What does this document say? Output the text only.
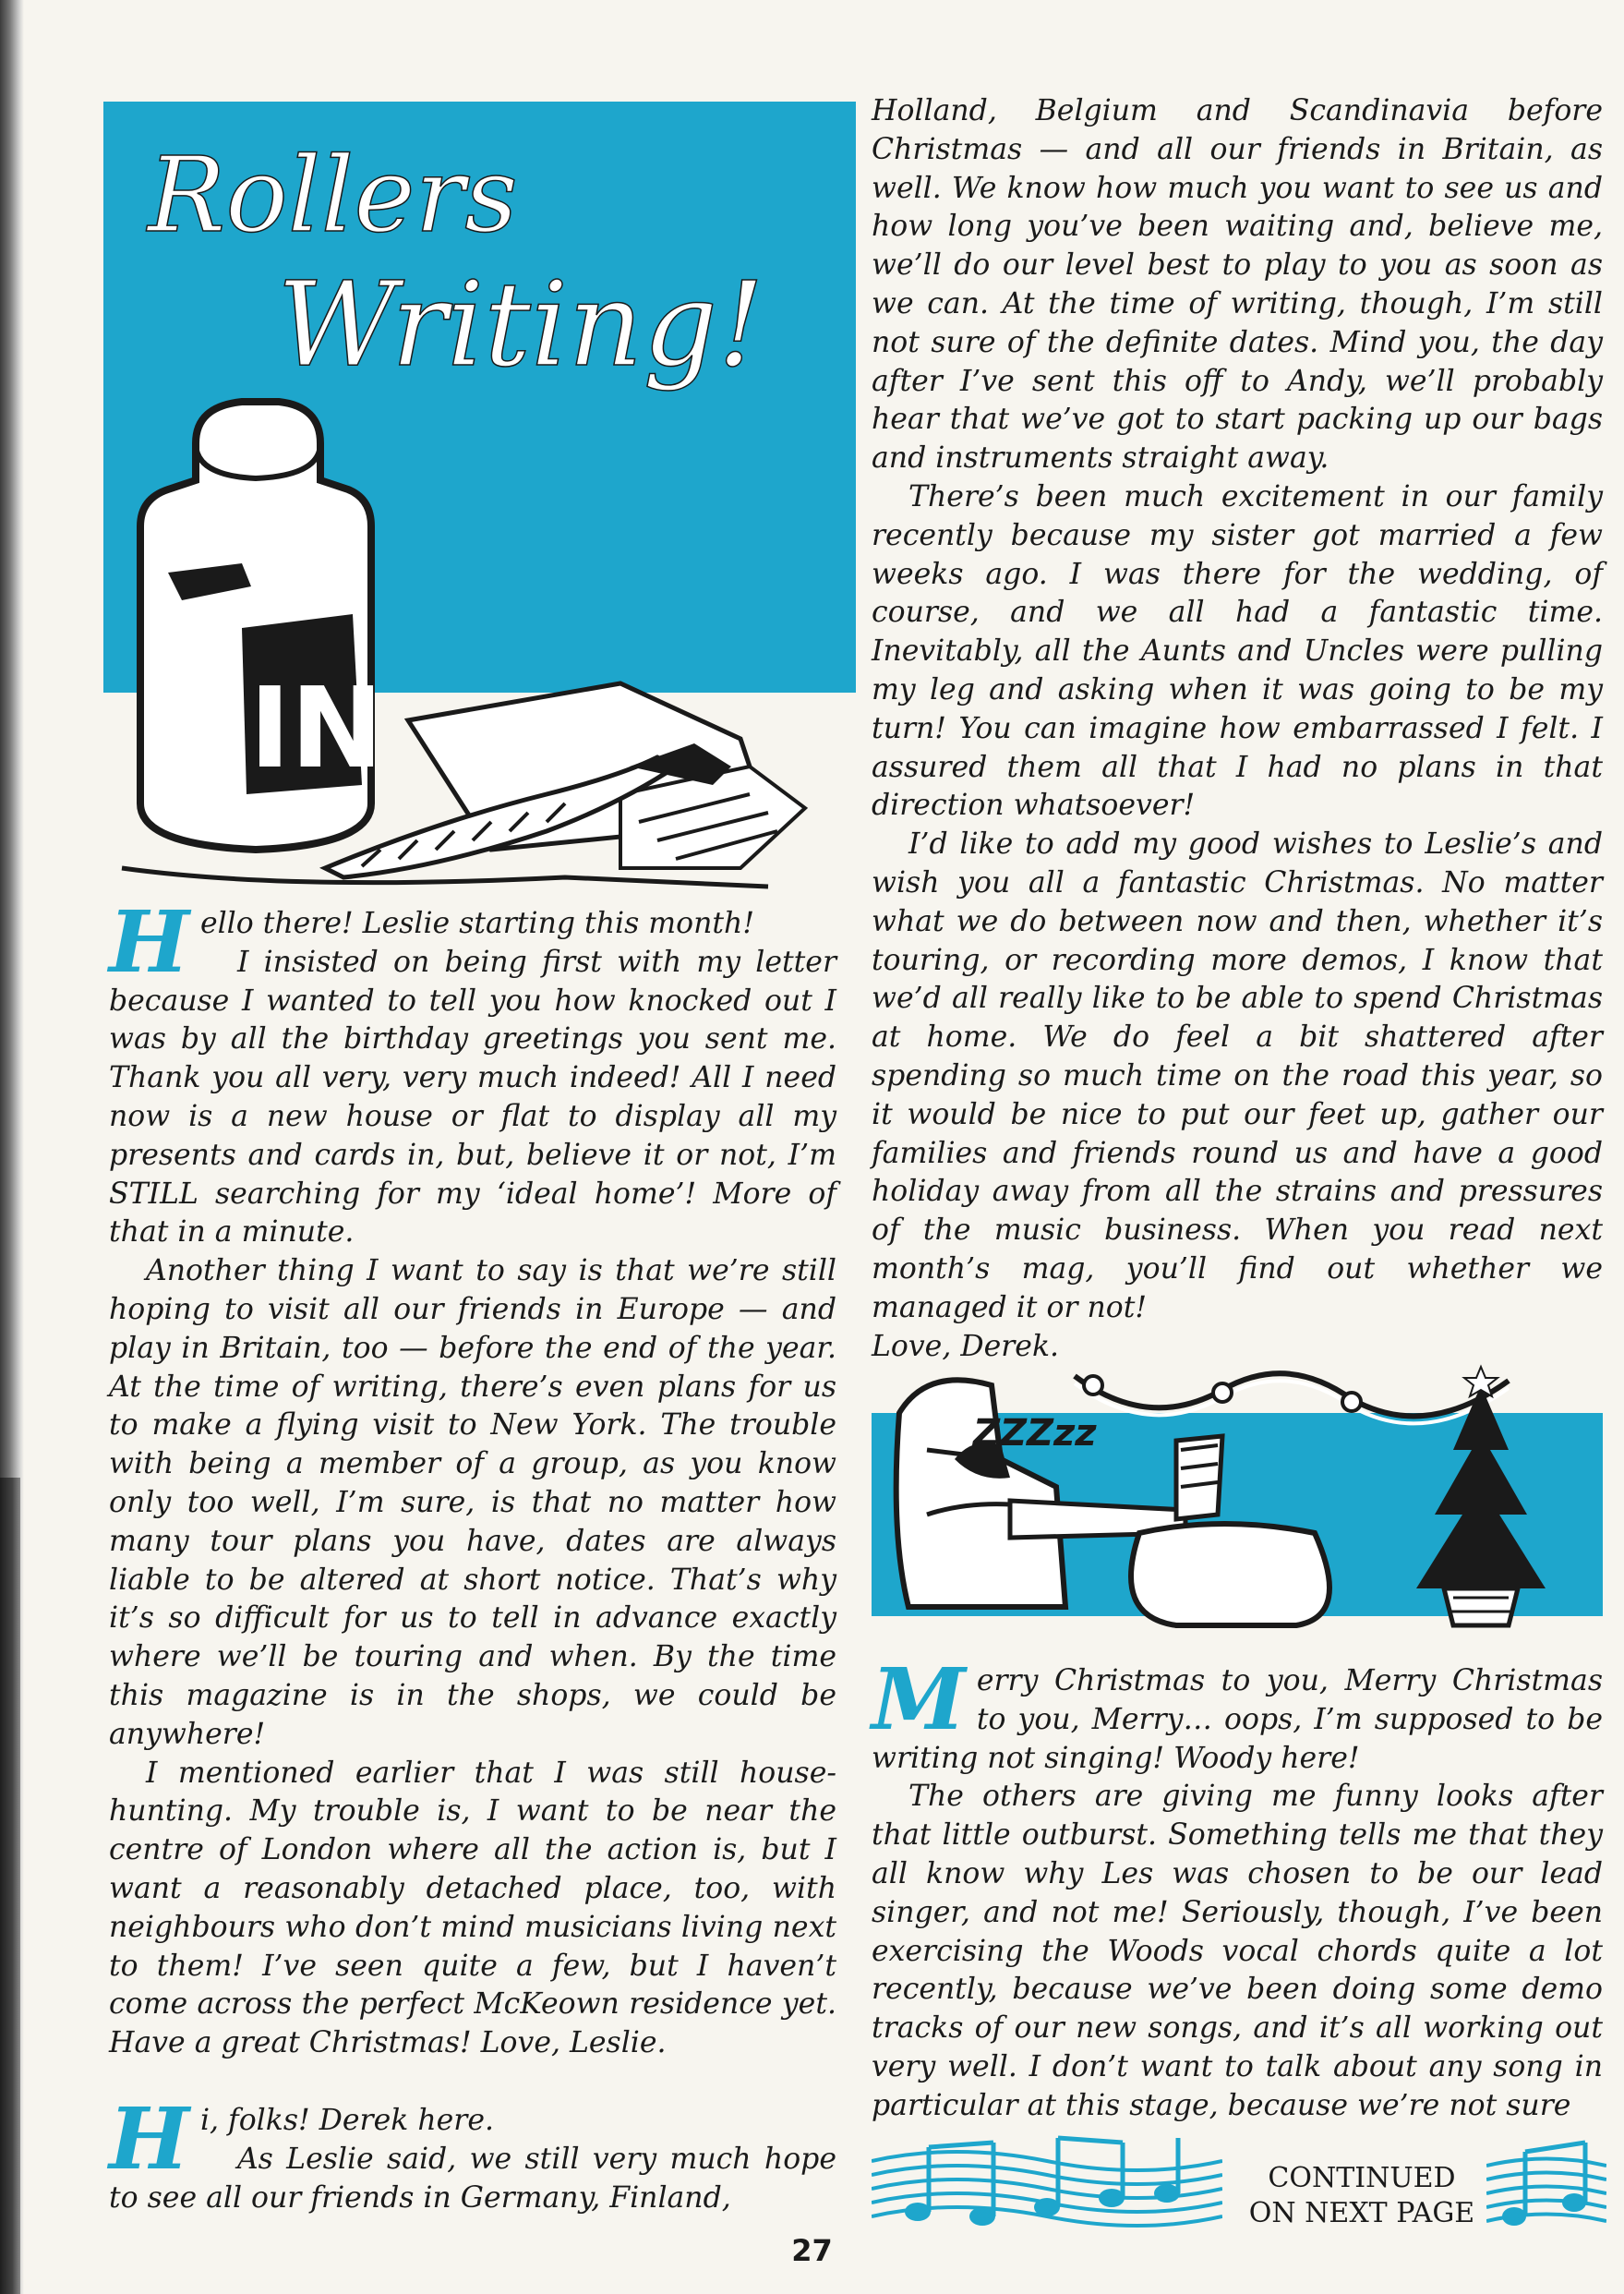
Rollers
Writing!
IN

Hello there! Leslie starting this month!

I insisted on being first with my letter because I wanted to tell you how knocked out I was by all the birthday greetings you sent me. Thank you all very, very much indeed! All I need now is a new house or flat to display all my presents and cards in, but, believe it or not, I’m STILL searching for my ‘ideal home’! More of that in a minute.

Another thing I want to say is that we’re still hoping to visit all our friends in Europe — and play in Britain, too — before the end of the year. At the time of writing, there’s even plans for us to make a flying visit to New York. The trouble with being a member of a group, as you know only too well, I’m sure, is that no matter how many tour plans you have, dates are always liable to be altered at short notice. That’s why it’s so difficult for us to tell in advance exactly where we’ll be touring and when. By the time this magazine is in the shops, we could be anywhere!

I mentioned earlier that I was still house-hunting. My trouble is, I want to be near the centre of London where all the action is, but I want a reasonably detached place, too, with neighbours who don’t mind musicians living next to them! I’ve seen quite a few, but I haven’t come across the perfect McKeown residence yet. Have a great Christmas! Love, Leslie.

Hi, folks! Derek here.

As Leslie said, we still very much hope to see all our friends in Germany, Finland,

Holland, Belgium and Scandinavia before Christmas — and all our friends in Britain, as well. We know how much you want to see us and how long you’ve been waiting and, believe me, we’ll do our level best to play to you as soon as we can. At the time of writing, though, I’m still not sure of the definite dates. Mind you, the day after I’ve sent this off to Andy, we’ll probably hear that we’ve got to start packing up our bags and instruments straight away.

There’s been much excitement in our family recently because my sister got married a few weeks ago. I was there for the wedding, of course, and we all had a fantastic time. Inevitably, all the Aunts and Uncles were pulling my leg and asking when it was going to be my turn! You can imagine how embarrassed I felt. I assured them all that I had no plans in that direction whatsoever!

I’d like to add my good wishes to Leslie’s and wish you all a fantastic Christmas. No matter what we do between now and then, whether it’s touring, or recording more demos, I know that we’d all really like to be able to spend Christmas at home. We do feel a bit shattered after spending so much time on the road this year, so it would be nice to put our feet up, gather our families and friends round us and have a good holiday away from all the strains and pressures of the music business. When you read next month’s mag, you’ll find out whether we managed it or not!

Love, Derek.

ZZZzz

Merry Christmas to you, Merry Christmas to you, Merry… oops, I’m supposed to be writing not singing! Woody here!

The others are giving me funny looks after that little outburst. Something tells me that they all know why Les was chosen to be our lead singer, and not me! Seriously, though, I’ve been exercising the Woods vocal chords quite a lot recently, because we’ve been doing some demo tracks of our new songs, and it’s all working out very well. I don’t want to talk about any song in particular at this stage, because we’re not sure

CONTINUED
ON NEXT PAGE
27
